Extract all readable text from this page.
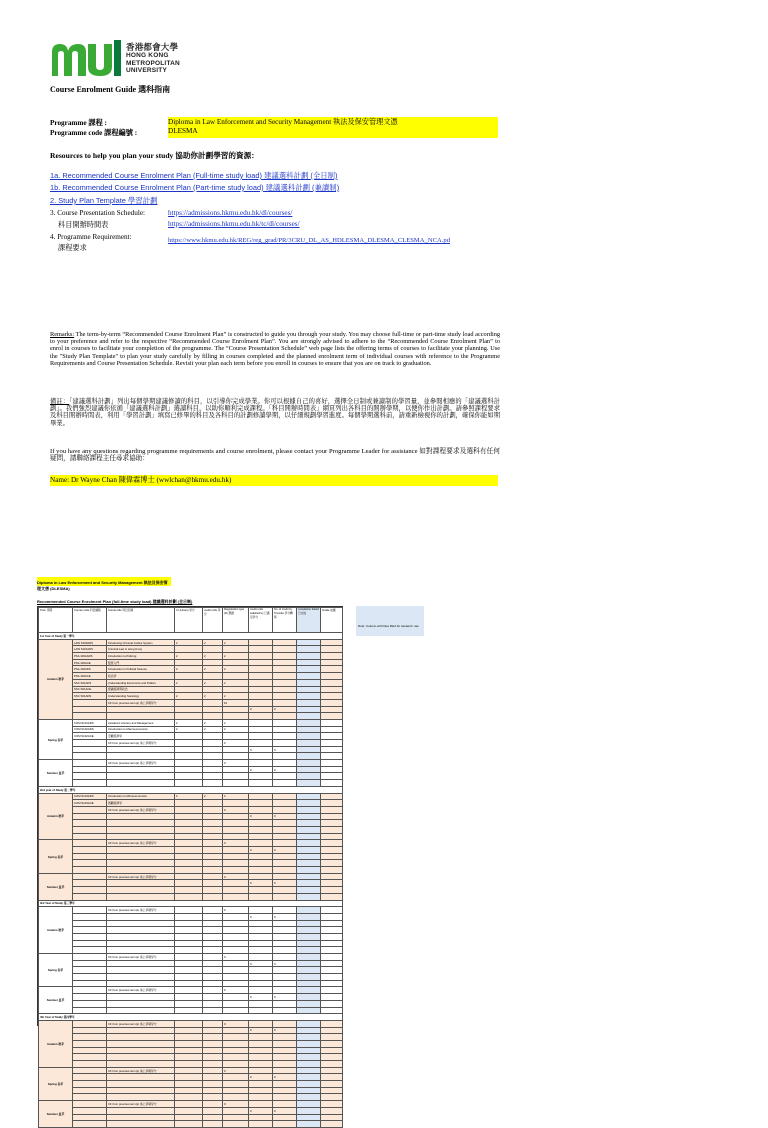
香港都會大學
HONG KONG
METROPOLITAN
UNIVERSITY
Course Enrolment Guide 選科指南
Programme 課程 :	Diploma in Law Enforcement and Security Management 執法及保安管理文憑
Programme code 課程編號 :	DLESMA
Resources to help you plan your study 協助你計劃學習的資源：
1a. Recommended Course Enrolment Plan (Full-time study load) 建議選科計劃 (全日制)
1b. Recommended Course Enrolment Plan (Part-time study load) 建議選科計劃 (兼讀制)
2. Study Plan Template 學習計劃
3. Course Presentation Schedule:
科目開辦時間表
https://admissions.hkmu.edu.hk/dl/courses/
https://admissions.hkmu.edu.hk/tc/dl/courses/
4. Programme Requirement:
課程要求
https://www.hkmu.edu.hk/REG/reg_grad/PR/3CRU_DL_AS_HDLESMA_DLESMA_CLESMA_NCA.pd
Remarks: The term-by-term “Recommended Course Enrolment Plan” is constructed to guide you through your study. You may choose full-time or part-time study load according to your preference and refer to the respective “Recommended Course Enrolment Plan”. You are strongly advised to adhere to the “Recommended Course Enrolment Plan” to enrol in courses to facilitate your completion of the programme. The “Course Presentation Schedule” web page lists the offering terms of courses to facilitate your planning. Use the "Study Plan Template" to plan your study carefully by filling in courses completed and the planned enrolment term of individual courses with reference to the Programme Requirements and Course Presentation Schedule. Revisit your plan each term before you enroll in courses to ensure that you are on track to graduation.
備註：「建議選科計劃」列出每個學期建議修讀的科目，以引導你完成學業。你可以根據自己的喜好，選擇全日制或兼讀制的學習量，並參閱相應的「建議選科計劃」。我們強烈建議你依循「建議選科計劃」選讀科目，以助你順利完成課程。「科目開辦時間表」網頁列出各科目的開辦學期，以便你作出計劃。請參照課程要求及科目開辦時間表，利用「學習計劃」填寫已修畢的科目及各科目的計劃修讀學期，以仔細規劃學習進度。每個學期選科前，請重新檢視你的計劃，確保你能如期畢業。
If you have any questions regarding programme requirements and course enrolment, please contact your Programme Leader for assistance 如對課程要求及選科有任何疑問，請聯絡課程主任尋求協助：
Name: Dr Wayne Chan 陳偉霖博士 (wwlchan@hkmu.edu.hk)
Diploma in Law Enforcement and Security Management 執法及保安管理文憑 (DLESMA)
Recommended Course Enrolment Plan (full-time study load) 建議選科計劃 (全日制)
Note: Column with blue filled for students' use
Term 學期	Course code 科目編號	Course title 科目名稱	Cr (Hours) 學分	credit units 學分	Registration type (R) 選讀	credit units satisfied by 已滿足學分	No. of credit by Transfer 學分轉移	completion ticked 已完成	Grade 成績
1st Year of Study 第一學年									
Autumn 秋季	LAW S100ADS	Introducing Criminal Justice System	2	2	2				
	LAW S101ADS	Criminal Law in Hong Kong							
	PSA 100AADS	Introduction to Policing	2	2	2				
	PSA 100ACE	監管入門							
	PSA 100ADS	Introduction to Political Science	2	2	2				
	PSA 100ACE	政治學							
	SSC S01ADS	Understanding Economics and Politics	2	2	2				
	SSC S01ACE	認識經濟與政治							
	SSC S01ADS	Understanding Sociology	2	2	2				
		CF from previous term(s) 承上學期學分			10				
						0	0		

Spring 春季	COM S101ADS	Academic Literacy and Management	2	2	2				
	COM S102ADS	Introduction to Macroeconomics	2	2	2				
	COM S102ACE	宏觀經濟學							
		CF from previous term(s) 承上學期學分			0				
						0	0		

Summer 夏季		CF from previous term(s) 承上學期學分			0				
						0	0		

2nd year of Study 第二學年									
Autumn 秋季	COM S103ADS	Introduction to Microeconomics	2	2	2				
	COM S103ACE	微觀經濟學							
		CF from previous term(s) 承上學期學分			0				
						0	0		

Spring 春季		CF from previous term(s) 承上學期學分			0				
						0	0		

Summer 夏季		CF from previous term(s) 承上學期學分			0				
						0	0		

3rd Year of Study 第三學年									
Autumn 秋季		CF from previous term(s) 承上學期學分			0				
						0	0		

Spring 春季		CF from previous term(s) 承上學期學分			0				
						0	0		

Summer 夏季		CF from previous term(s) 承上學期學分			0				
						0	0		

4th Year of Study 第四學年									
Autumn 秋季		CF from previous term(s) 承上學期學分			0				
						0	0		

Spring 春季		CF from previous term(s) 承上學期學分			0				
						0	0		

Summer 夏季		CF from previous term(s) 承上學期學分			0				
						0	0		
